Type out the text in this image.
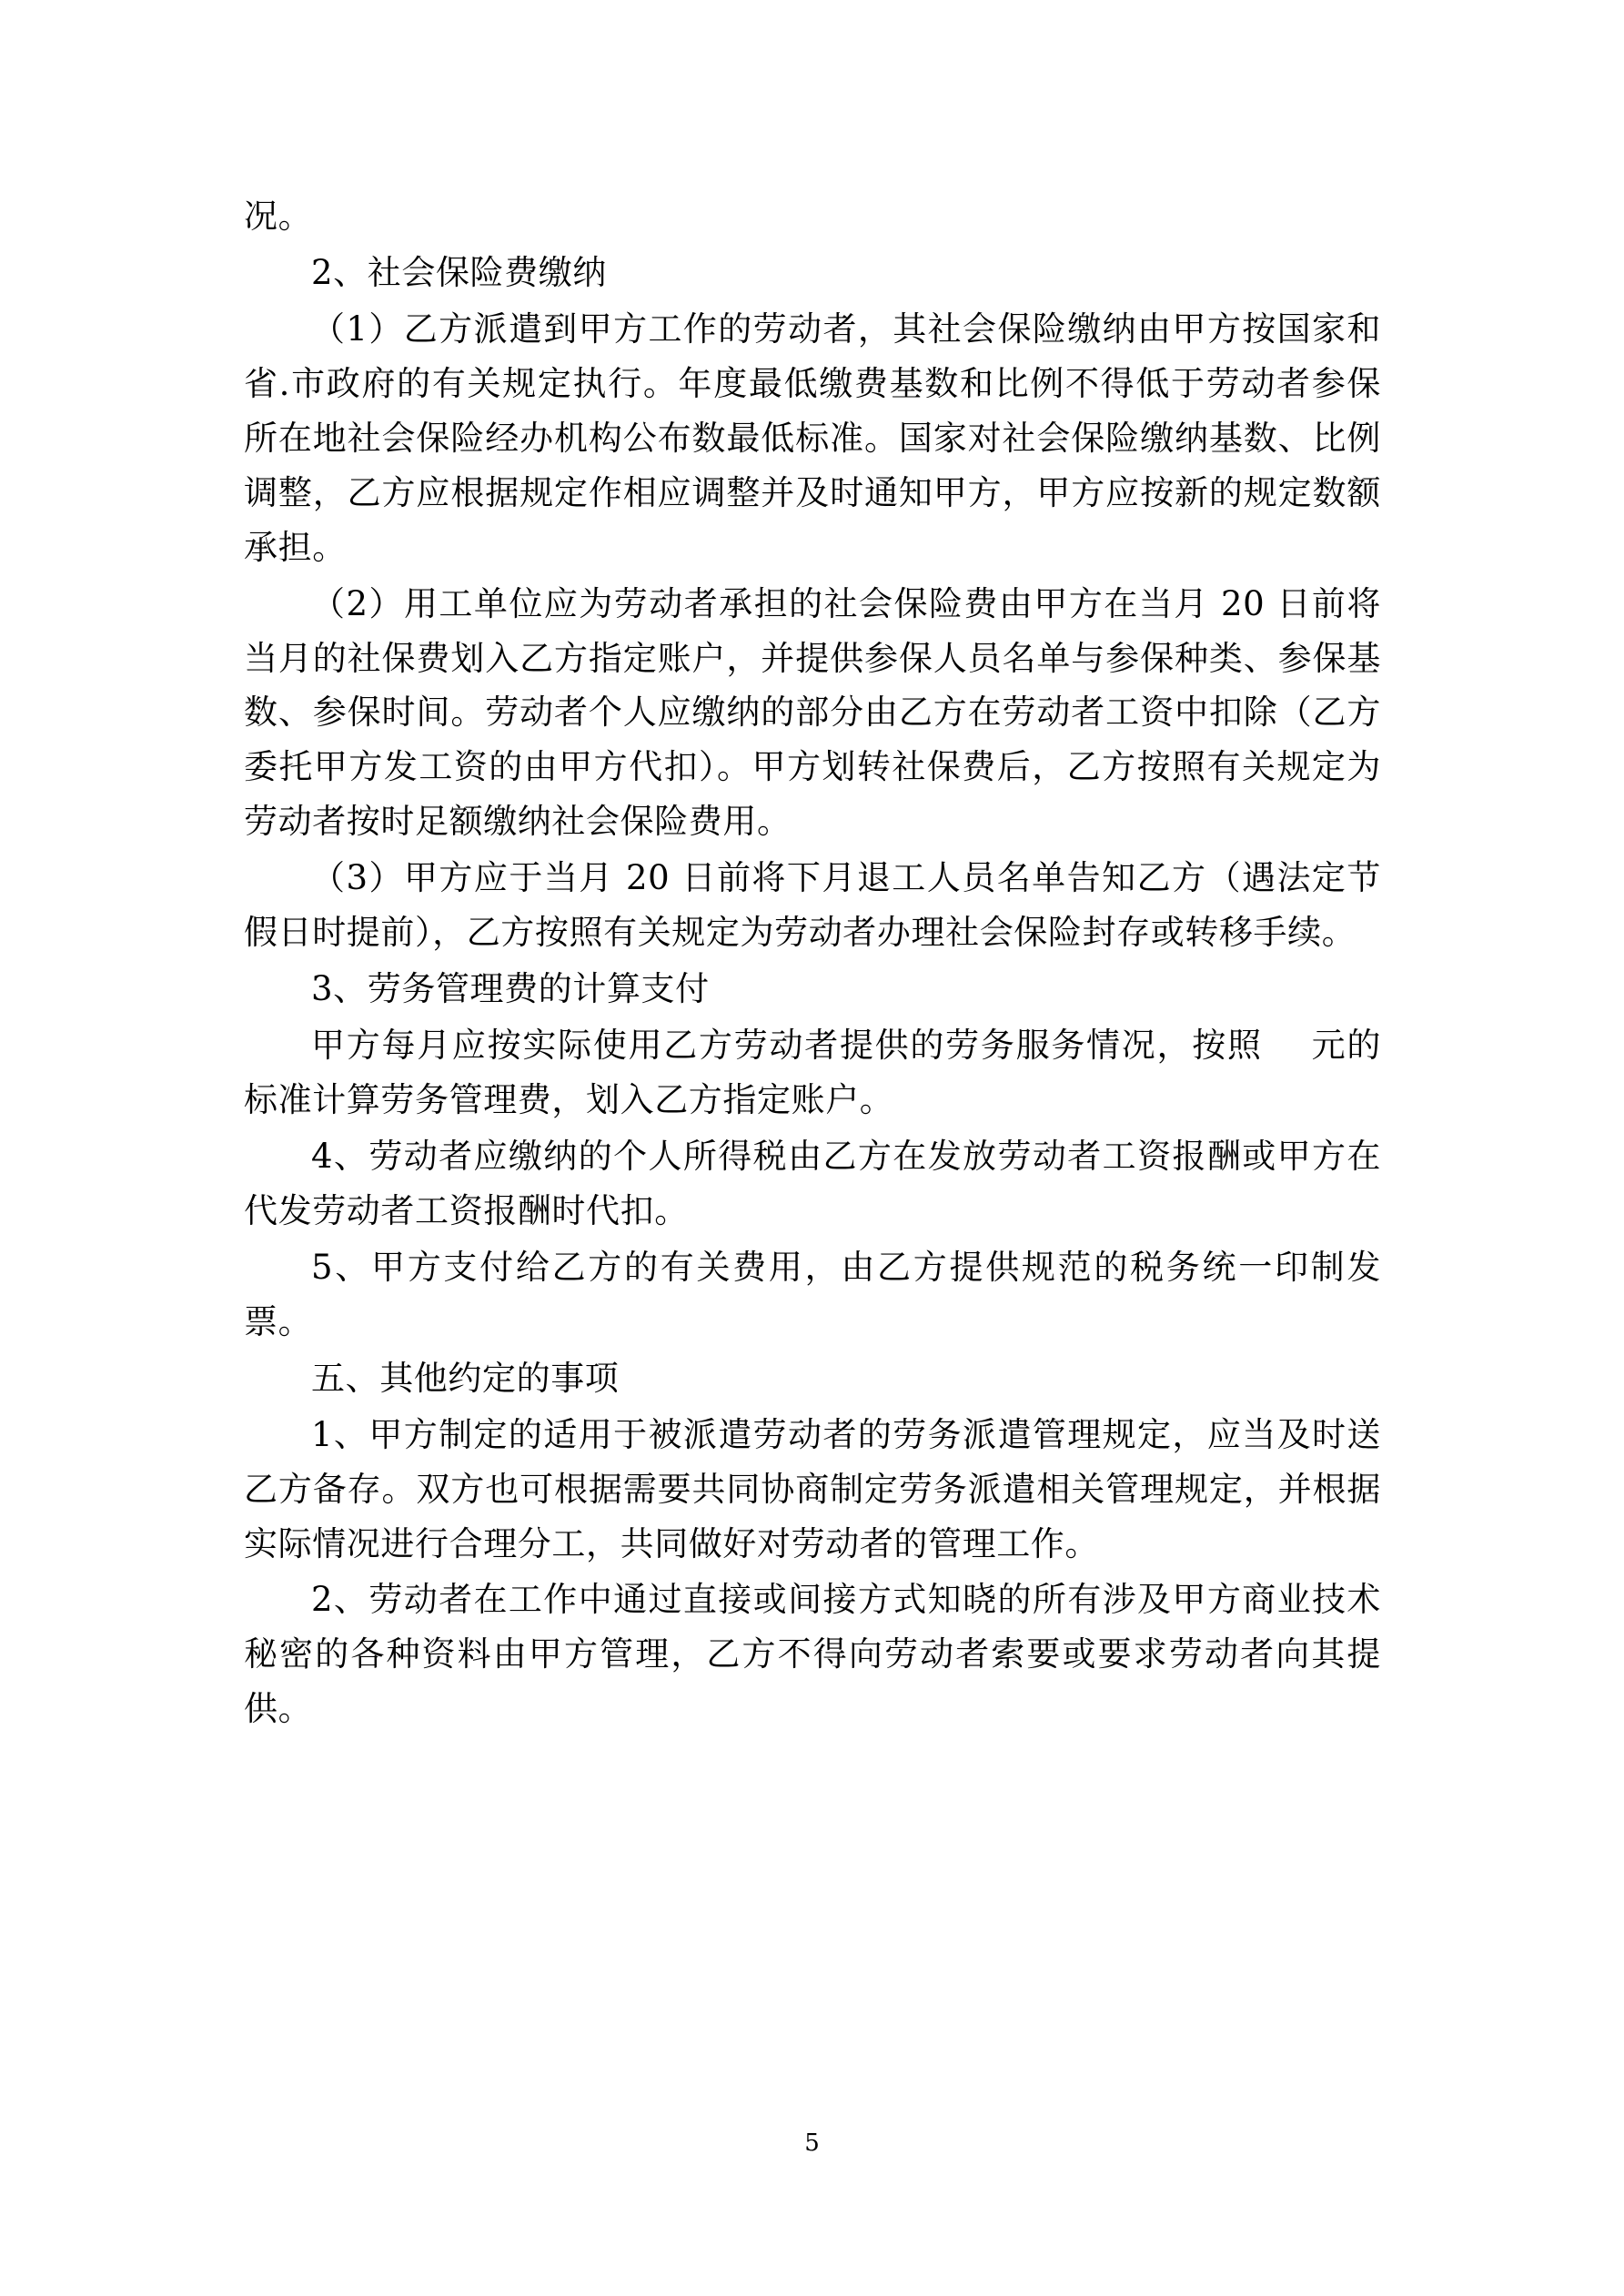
况。

2、社会保险费缴纳

（1）乙方派遣到甲方工作的劳动者，其社会保险缴纳由甲方按国家和省.市政府的有关规定执行。年度最低缴费基数和比例不得低于劳动者参保所在地社会保险经办机构公布数最低标准。国家对社会保险缴纳基数、比例调整，乙方应根据规定作相应调整并及时通知甲方，甲方应按新的规定数额承担。

（2）用工单位应为劳动者承担的社会保险费由甲方在当月 20 日前将当月的社保费划入乙方指定账户，并提供参保人员名单与参保种类、参保基数、参保时间。劳动者个人应缴纳的部分由乙方在劳动者工资中扣除（乙方委托甲方发工资的由甲方代扣）。甲方划转社保费后，乙方按照有关规定为劳动者按时足额缴纳社会保险费用。

（3）甲方应于当月 20 日前将下月退工人员名单告知乙方（遇法定节假日时提前），乙方按照有关规定为劳动者办理社会保险封存或转移手续。

3、劳务管理费的计算支付

甲方每月应按实际使用乙方劳动者提供的劳务服务情况，按照    元的标准计算劳务管理费，划入乙方指定账户。

4、劳动者应缴纳的个人所得税由乙方在发放劳动者工资报酬或甲方在代发劳动者工资报酬时代扣。

5、甲方支付给乙方的有关费用，由乙方提供规范的税务统一印制发票。

五、其他约定的事项

1、甲方制定的适用于被派遣劳动者的劳务派遣管理规定，应当及时送乙方备存。双方也可根据需要共同协商制定劳务派遣相关管理规定，并根据实际情况进行合理分工，共同做好对劳动者的管理工作。

2、劳动者在工作中通过直接或间接方式知晓的所有涉及甲方商业技术秘密的各种资料由甲方管理，乙方不得向劳动者索要或要求劳动者向其提供。

5
